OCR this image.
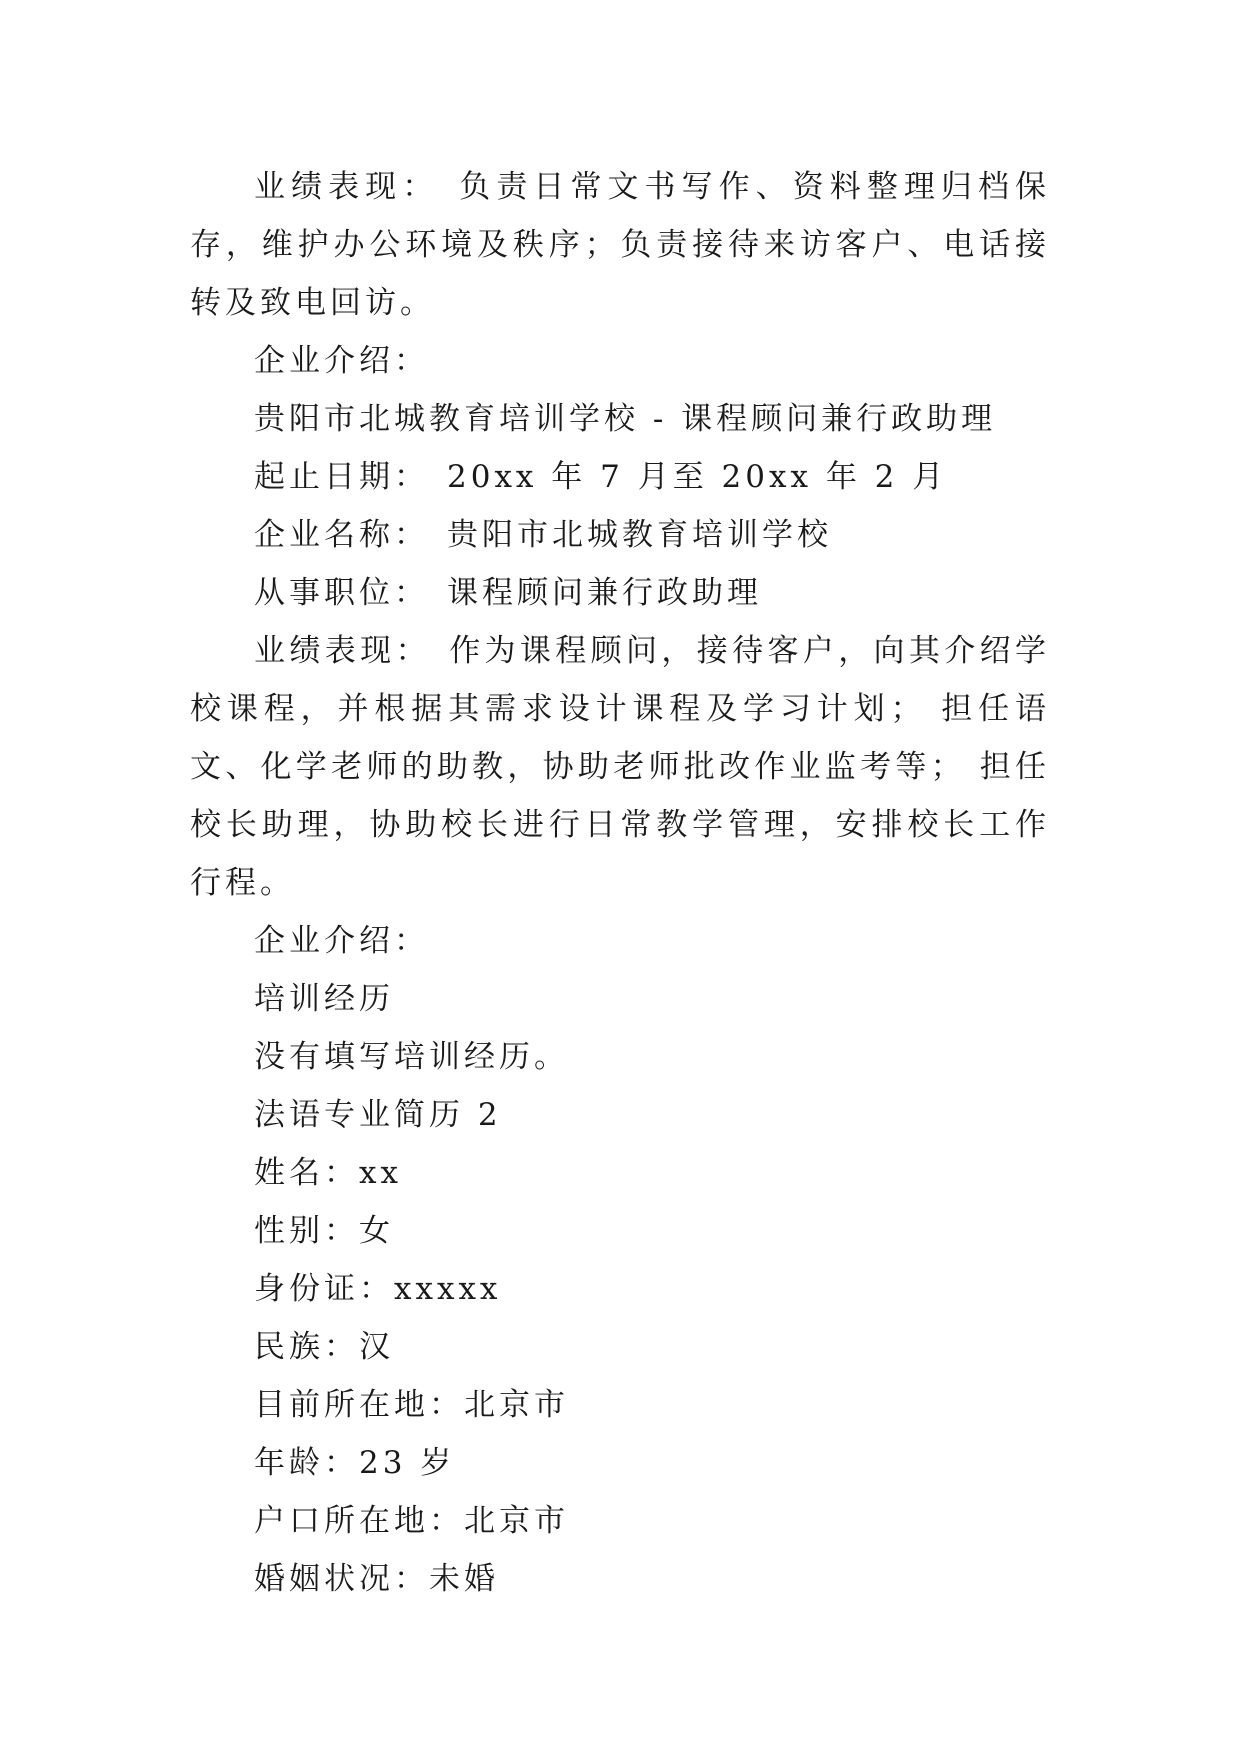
业绩表现： 负责日常文书写作、资料整理归档保存，维护办公环境及秩序；负责接待来访客户、电话接转及致电回访。

企业介绍：

贵阳市北城教育培训学校 - 课程顾问兼行政助理

起止日期： 20xx 年 7 月至 20xx 年 2 月

企业名称： 贵阳市北城教育培训学校

从事职位： 课程顾问兼行政助理

业绩表现： 作为课程顾问，接待客户，向其介绍学校课程，并根据其需求设计课程及学习计划； 担任语文、化学老师的助教，协助老师批改作业监考等； 担任校长助理，协助校长进行日常教学管理，安排校长工作行程。

企业介绍：

培训经历

没有填写培训经历。

法语专业简历 2

姓名：xx

性别：女

身份证：xxxxx

民族：汉

目前所在地：北京市

年龄：23 岁

户口所在地：北京市

婚姻状况：未婚
